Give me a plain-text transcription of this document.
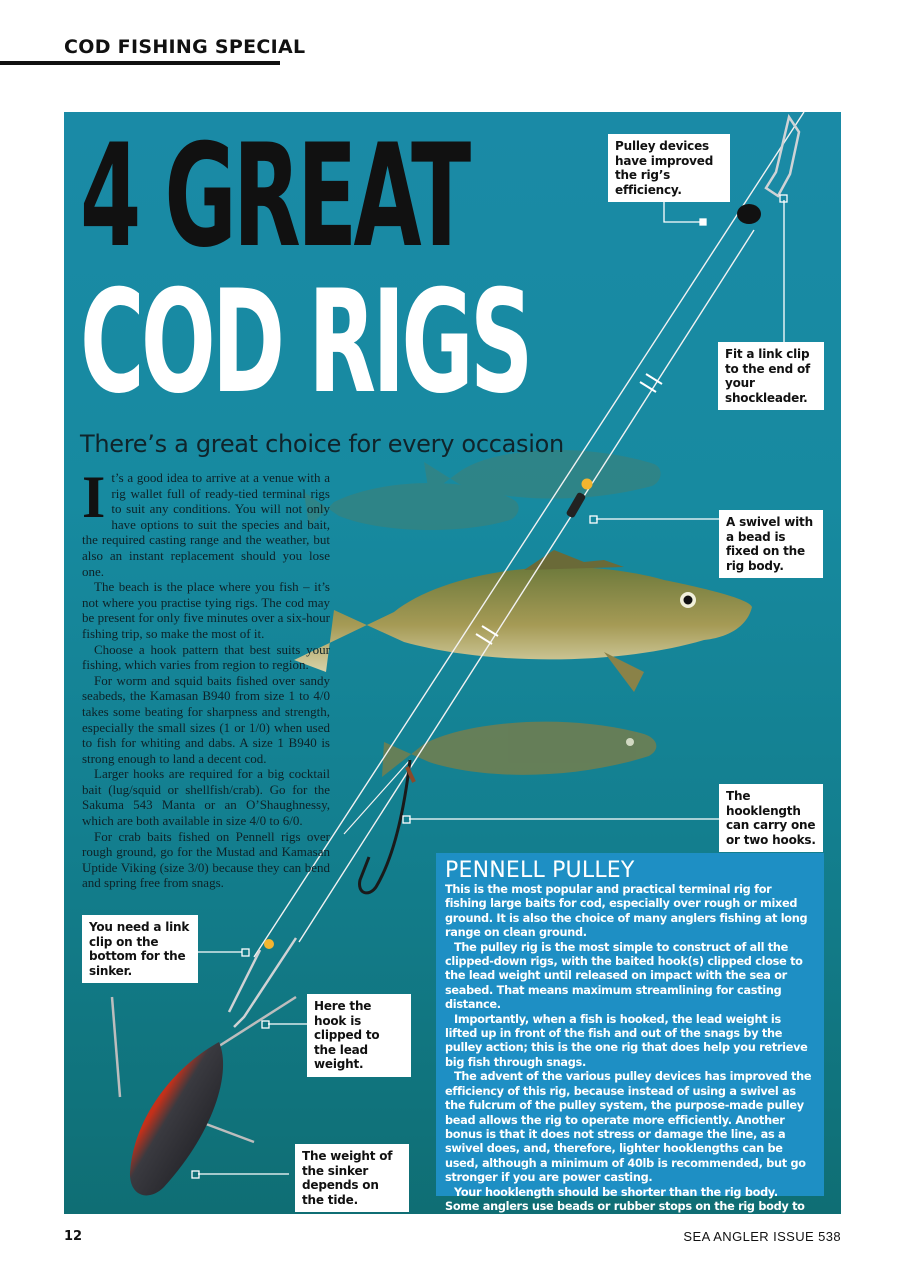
COD FISHING SPECIAL
4 GREAT
COD RIGS
There’s a great choice for every occasion

It’s a good idea to arrive at a venue with a rig wallet full of ready-tied terminal rigs to suit any conditions. You will not only have options to suit the species and bait, the required casting range and the weather, but also an instant replacement should you lose one.

The beach is the place where you fish – it’s not where you practise tying rigs. The cod may be present for only five minutes over a six-hour fishing trip, so make the most of it.

Choose a hook pattern that best suits your fishing, which varies from region to region.

For worm and squid baits fished over sandy seabeds, the Kamasan B940 from size 1 to 4/0 takes some beating for sharpness and strength, especially the small sizes (1 or 1/0) when used to fish for whiting and dabs. A size 1 B940 is strong enough to land a decent cod.

Larger hooks are required for a big cocktail bait (lug/squid or shellfish/crab). Go for the Sakuma 543 Manta or an O’Shaughnessy, which are both available in size 4/0 to 6/0.

For crab baits fished on Pennell rigs over rough ground, go for the Mustad and Kamasan Uptide Viking (size 3/0) because they can bend and spring free from snags.

Pulley devices have improved the rig’s efficiency.
Fit a link clip to the end of your shockleader.
A swivel with a bead is fixed on the rig body.
The hooklength can carry one or two hooks.
You need a link clip on the bottom for the sinker.
Here the hook is clipped to the lead weight.
The weight of the sinker depends on the tide.
PENNELL PULLEY

This is the most popular and practical terminal rig for fishing large baits for cod, especially over rough or mixed ground. It is also the choice of many anglers fishing at long range on clean ground.

The pulley rig is the most simple to construct of all the clipped-down rigs, with the baited hook(s) clipped close to the lead weight until released on impact with the sea or seabed. That means maximum streamlining for casting distance.

Importantly, when a fish is hooked, the lead weight is lifted up in front of the fish and out of the snags by the pulley action; this is the one rig that does help you retrieve big fish through snags.

The advent of the various pulley devices has improved the efficiency of this rig, because instead of using a swivel as the fulcrum of the pulley system, the purpose-made pulley bead allows the rig to operate more efficiently. Another bonus is that it does not stress or damage the line, as a swivel does, and, therefore, lighter hooklengths can be used, although a minimum of 40lb is recommended, but go stronger if you are power casting.

Your hooklength should be shorter than the rig body. Some anglers use beads or rubber stops on the rig body to

12	SEA ANGLER ISSUE 538
